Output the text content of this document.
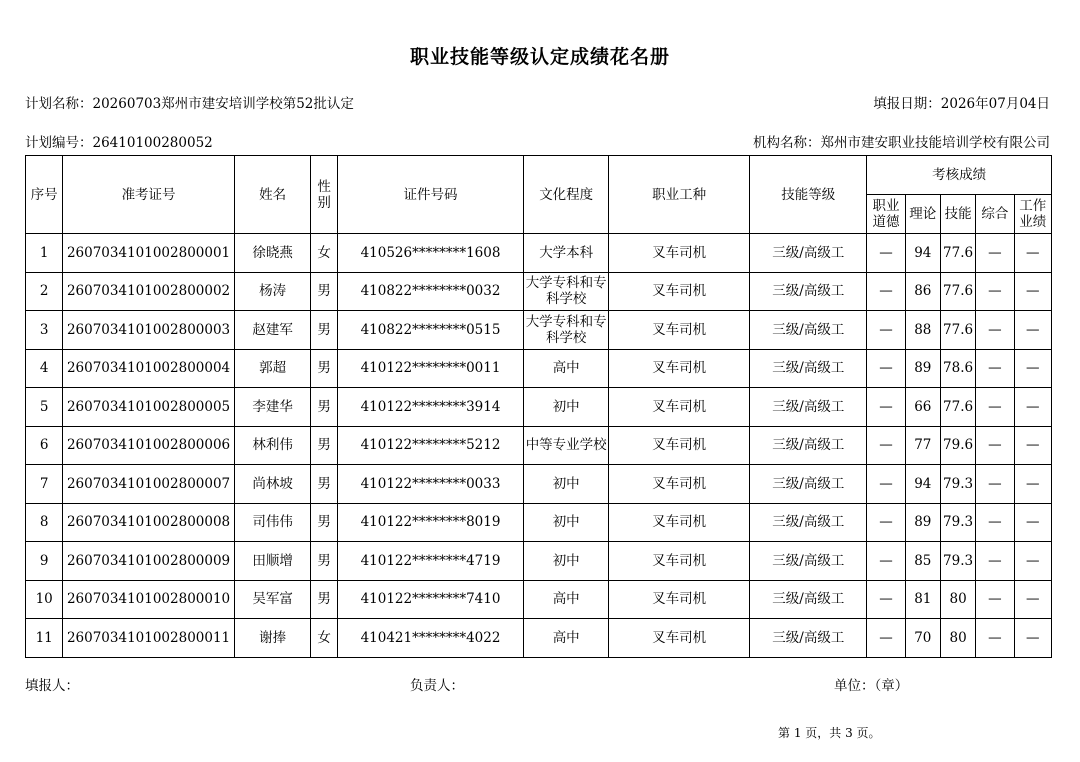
职业技能等级认定成绩花名册
计划名称：20260703郑州市建安培训学校第52批认定	填报日期：2026年07月04日
计划编号：26410100280052	机构名称：郑州市建安职业技能培训学校有限公司
序号	准考证号	姓名	性别	证件号码	文化程度	职业工种	技能等级	考核成绩				
								职业道德	理论	技能	综合	工作业绩
1	2607034101002800001	徐晓燕	女	410526********1608	大学本科	叉车司机	三级/高级工	—	94	77.6	—	—
2	2607034101002800002	杨涛	男	410822********0032	大学专科和专科学校	叉车司机	三级/高级工	—	86	77.6	—	—
3	2607034101002800003	赵建军	男	410822********0515	大学专科和专科学校	叉车司机	三级/高级工	—	88	77.6	—	—
4	2607034101002800004	郭超	男	410122********0011	高中	叉车司机	三级/高级工	—	89	78.6	—	—
5	2607034101002800005	李建华	男	410122********3914	初中	叉车司机	三级/高级工	—	66	77.6	—	—
6	2607034101002800006	林利伟	男	410122********5212	中等专业学校	叉车司机	三级/高级工	—	77	79.6	—	—
7	2607034101002800007	尚林坡	男	410122********0033	初中	叉车司机	三级/高级工	—	94	79.3	—	—
8	2607034101002800008	司伟伟	男	410122********8019	初中	叉车司机	三级/高级工	—	89	79.3	—	—
9	2607034101002800009	田顺增	男	410122********4719	初中	叉车司机	三级/高级工	—	85	79.3	—	—
10	2607034101002800010	吴军富	男	410122********7410	高中	叉车司机	三级/高级工	—	81	80	—	—
11	2607034101002800011	谢捧	女	410421********4022	高中	叉车司机	三级/高级工	—	70	80	—	—
填报人：	负责人：	单位：（章）
第 1 页，共 3 页。
